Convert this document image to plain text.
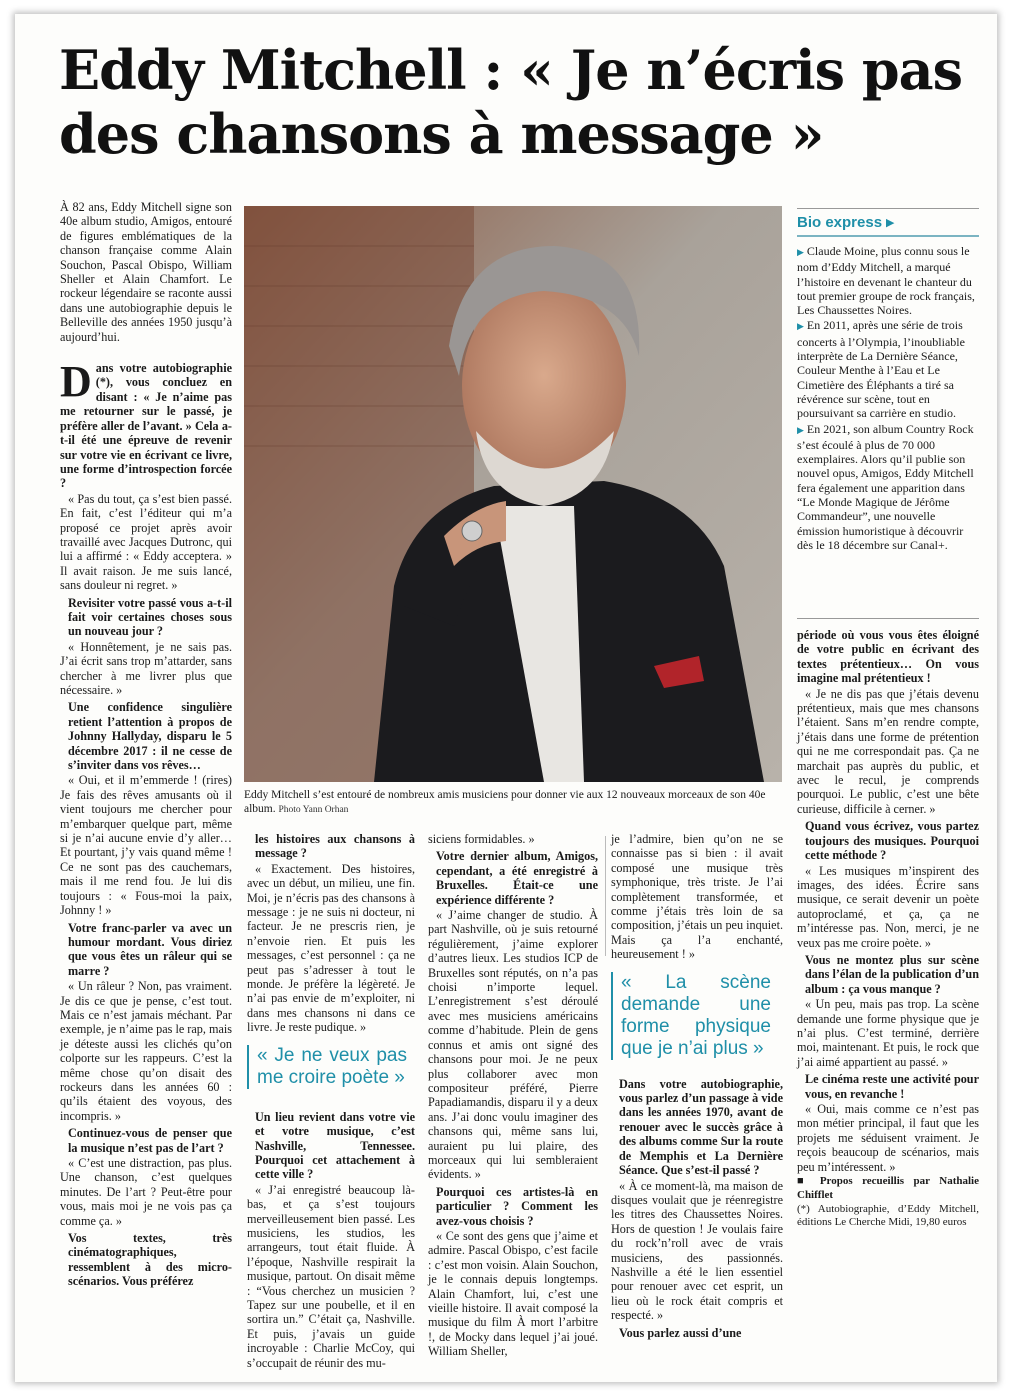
Eddy Mitchell : « Je n’écris pas des chansons à message »

À 82 ans, Eddy Mitchell signe son 40e album studio, Amigos, entouré de figures emblématiques de la chanson française comme Alain Souchon, Pascal Obispo, William Sheller et Alain Chamfort. Le rockeur légendaire se raconte aussi dans une autobiographie depuis le Belleville des années 1950 jusqu’à aujourd’hui.

Dans votre autobiographie (*), vous concluez en disant : « Je n’aime pas me retourner sur le passé, je préfère aller de l’avant. » Cela a-t-il été une épreuve de revenir sur votre vie en écrivant ce livre, une forme d’introspection forcée ?

« Pas du tout, ça s’est bien passé. En fait, c’est l’éditeur qui m’a proposé ce projet après avoir travaillé avec Jacques Dutronc, qui lui a affirmé : « Eddy acceptera. » Il avait raison. Je me suis lancé, sans douleur ni regret. »

Revisiter votre passé vous a-t-il fait voir certaines choses sous un nouveau jour ?

« Honnêtement, je ne sais pas. J’ai écrit sans trop m’attarder, sans chercher à me livrer plus que nécessaire. »

Une confidence singulière retient l’attention à propos de Johnny Hallyday, disparu le 5 décembre 2017 : il ne cesse de s’inviter dans vos rêves…

« Oui, et il m’emmerde ! (rires) Je fais des rêves amusants où il vient toujours me chercher pour m’embarquer quelque part, même si je n’ai aucune envie d’y aller… Et pourtant, j’y vais quand même ! Ce ne sont pas des cauchemars, mais il me rend fou. Je lui dis toujours : « Fous-moi la paix, Johnny ! »

Votre franc-parler va avec un humour mordant. Vous diriez que vous êtes un râleur qui se marre ?

« Un râleur ? Non, pas vraiment. Je dis ce que je pense, c’est tout. Mais ce n’est jamais méchant. Par exemple, je n’aime pas le rap, mais je déteste aussi les clichés qu’on colporte sur les rappeurs. C’est la même chose qu’on disait des rockeurs dans les années 60 : qu’ils étaient des voyous, des incompris. »

Continuez-vous de penser que la musique n’est pas de l’art ?

« C’est une distraction, pas plus. Une chanson, c’est quelques minutes. De l’art ? Peut-être pour vous, mais moi je ne vois pas ça comme ça. »

Vos textes, très cinématographiques, ressemblent à des micro-scénarios. Vous préférez

Eddy Mitchell s’est entouré de nombreux amis musiciens pour donner vie aux 12 nouveaux morceaux de son 40e album. Photo Yann Orhan
Bio express ▸

▶ Claude Moine, plus connu sous le nom d’Eddy Mitchell, a marqué l’histoire en devenant le chanteur du tout premier groupe de rock français, Les Chaussettes Noires.

▶ En 2011, après une série de trois concerts à l’Olympia, l’inoubliable interprète de La Dernière Séance, Couleur Menthe à l’Eau et Le Cimetière des Éléphants a tiré sa révérence sur scène, tout en poursuivant sa carrière en studio.

▶ En 2021, son album Country Rock s’est écoulé à plus de 70 000 exemplaires. Alors qu’il publie son nouvel opus, Amigos, Eddy Mitchell fera également une apparition dans “Le Monde Magique de Jérôme Commandeur”, une nouvelle émission humoristique à découvrir dès le 18 décembre sur Canal+.

les histoires aux chansons à message ?

« Exactement. Des histoires, avec un début, un milieu, une fin. Moi, je n’écris pas des chansons à message : je ne suis ni docteur, ni facteur. Je ne prescris rien, je n’envoie rien. Et puis les messages, c’est personnel : ça ne peut pas s’adresser à tout le monde. Je préfère la légèreté. Je n’ai pas envie de m’exploiter, ni dans mes chansons ni dans ce livre. Je reste pudique. »

« Je ne veux pas me croire poète »

Un lieu revient dans votre vie et votre musique, c’est Nashville, Tennessee. Pourquoi cet attachement à cette ville ?

« J’ai enregistré beaucoup là-bas, et ça s’est toujours merveilleusement bien passé. Les musiciens, les studios, les arrangeurs, tout était fluide. À l’époque, Nashville respirait la musique, partout. On disait même : “Vous cherchez un musicien ? Tapez sur une poubelle, et il en sortira un.” C’était ça, Nashville. Et puis, j’avais un guide incroyable : Charlie McCoy, qui s’occupait de réunir des mu-

siciens formidables. »

Votre dernier album, Amigos, cependant, a été enregistré à Bruxelles. Était-ce une expérience différente ?

« J’aime changer de studio. À part Nashville, où je suis retourné régulièrement, j’aime explorer d’autres lieux. Les studios ICP de Bruxelles sont réputés, on n’a pas choisi n’importe lequel. L’enregistrement s’est déroulé avec mes musiciens américains comme d’habitude. Plein de gens connus et amis ont signé des chansons pour moi. Je ne peux plus collaborer avec mon compositeur préféré, Pierre Papadiamandis, disparu il y a deux ans. J’ai donc voulu imaginer des chansons qui, même sans lui, auraient pu lui plaire, des morceaux qui lui sembleraient évidents. »

Pourquoi ces artistes-là en particulier ? Comment les avez-vous choisis ?

« Ce sont des gens que j’aime et admire. Pascal Obispo, c’est facile : c’est mon voisin. Alain Souchon, je le connais depuis longtemps. Alain Chamfort, lui, c’est une vieille histoire. Il avait composé la musique du film À mort l’arbitre !, de Mocky dans lequel j’ai joué. William Sheller,

je l’admire, bien qu’on ne se connaisse pas si bien : il avait composé une musique très symphonique, très triste. Je l’ai complètement transformée, et comme j’étais très loin de sa composition, j’étais un peu inquiet. Mais ça l’a enchanté, heureusement ! »

« La scène demande une forme physique que je n’ai plus »

Dans votre autobiographie, vous parlez d’un passage à vide dans les années 1970, avant de renouer avec le succès grâce à des albums comme Sur la route de Memphis et La Dernière Séance. Que s’est-il passé ?

« À ce moment-là, ma maison de disques voulait que je réenregistre les titres des Chaussettes Noires. Hors de question ! Je voulais faire du rock’n’roll avec de vrais musiciens, des passionnés. Nashville a été le lien essentiel pour renouer avec cet esprit, un lieu où le rock était compris et respecté. »

Vous parlez aussi d’une

période où vous vous êtes éloigné de votre public en écrivant des textes prétentieux… On vous imagine mal prétentieux !

« Je ne dis pas que j’étais devenu prétentieux, mais que mes chansons l’étaient. Sans m’en rendre compte, j’étais dans une forme de prétention qui ne me correspondait pas. Ça ne marchait pas auprès du public, et avec le recul, je comprends pourquoi. Le public, c’est une bête curieuse, difficile à cerner. »

Quand vous écrivez, vous partez toujours des musiques. Pourquoi cette méthode ?

« Les musiques m’inspirent des images, des idées. Écrire sans musique, ce serait devenir un poète autoproclamé, et ça, ça ne m’intéresse pas. Non, merci, je ne veux pas me croire poète. »

Vous ne montez plus sur scène dans l’élan de la publication d’un album : ça vous manque ?

« Un peu, mais pas trop. La scène demande une forme physique que je n’ai plus. C’est terminé, derrière moi, maintenant. Et puis, le rock que j’ai aimé appartient au passé. »

Le cinéma reste une activité pour vous, en revanche !

« Oui, mais comme ce n’est pas mon métier principal, il faut que les projets me séduisent vraiment. Je reçois beaucoup de scénarios, mais peu m’intéressent. »

■ Propos recueillis par Nathalie Chifflet

(*) Autobiographie, d’Eddy Mitchell, éditions Le Cherche Midi, 19,80 euros
